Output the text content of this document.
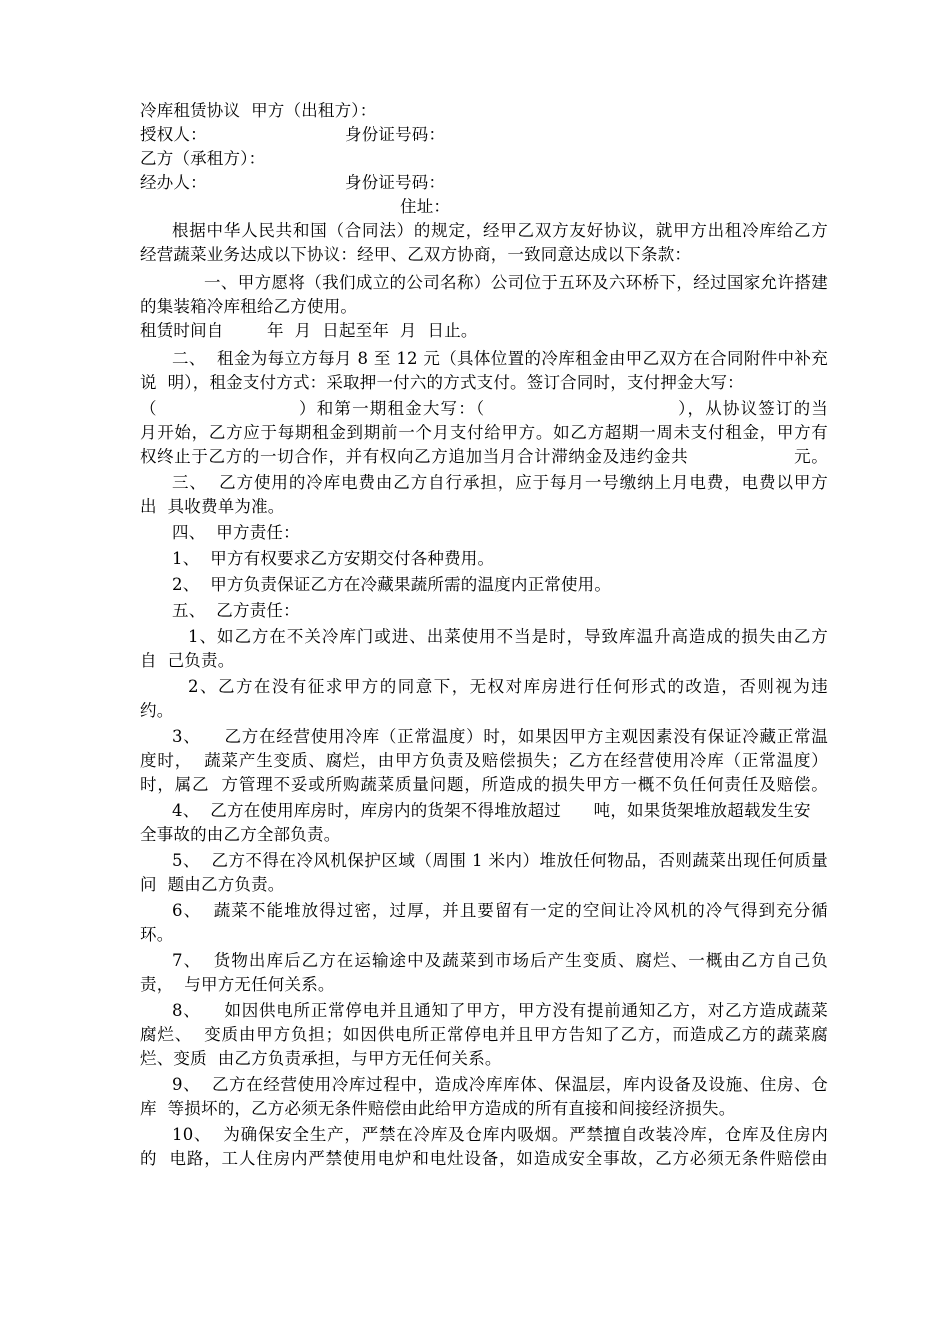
冷库租赁协议  甲方（出租方）：
授权人：	身份证号码：
乙方（承租方）：
经办人：	身份证号码：
住址：
根据中华人民共和国（合同法）的规定，经甲乙双方友好协议，就甲方出租冷库给乙方
经营蔬菜业务达成以下协议：经甲、乙双方协商，一致同意达成以下条款：
一、甲方愿将（我们成立的公司名称）公司位于五环及六环桥下，经过国家允许搭建
的集装箱冷库租给乙方使用。
租赁时间自        年  月  日起至年  月  日止。
二、  租金为每立方每月 8 至 12 元（具体位置的冷库租金由甲乙双方在合同附件中补充
说  明），租金支付方式：采取押一付六的方式支付。签订合同时，支付押金大写：
（                      ）和第一期租金大写：（                              ），从协议签订的当
月开始，乙方应于每期租金到期前一个月支付给甲方。如乙方超期一周未支付租金，甲方有
权终止于乙方的一切合作，并有权向乙方追加当月合计滞纳金及违约金共                  元。
三、  乙方使用的冷库电费由乙方自行承担，应于每月一号缴纳上月电费，电费以甲方
出  具收费单为准。
四、  甲方责任：
1、  甲方有权要求乙方安期交付各种费用。
2、  甲方负责保证乙方在冷藏果蔬所需的温度内正常使用。
五、  乙方责任：
1、如乙方在不关冷库门或进、出菜使用不当是时，导致库温升高造成的损失由乙方
自  己负责。
2、乙方在没有征求甲方的同意下，无权对库房进行任何形式的改造，否则视为违
约。
3、    乙方在经营使用冷库（正常温度）时，如果因甲方主观因素没有保证冷藏正常温
度时，  蔬菜产生变质、腐烂，由甲方负责及赔偿损失；乙方在经营使用冷库（正常温度）
时，属乙  方管理不妥或所购蔬菜质量问题，所造成的损失甲方一概不负任何责任及赔偿。
4、  乙方在使用库房时，库房内的货架不得堆放超过      吨，如果货架堆放超载发生安
全事故的由乙方全部负责。
5、  乙方不得在冷风机保护区域（周围 1 米内）堆放任何物品，否则蔬菜出现任何质量
问  题由乙方负责。
6、  蔬菜不能堆放得过密，过厚，并且要留有一定的空间让冷风机的冷气得到充分循
环。
7、  货物出库后乙方在运输途中及蔬菜到市场后产生变质、腐烂、一概由乙方自己负
责，  与甲方无任何关系。
8、    如因供电所正常停电并且通知了甲方，甲方没有提前通知乙方，对乙方造成蔬菜
腐烂、  变质由甲方负担；如因供电所正常停电并且甲方告知了乙方，而造成乙方的蔬菜腐
烂、变质  由乙方负责承担，与甲方无任何关系。
9、  乙方在经营使用冷库过程中，造成冷库库体、保温层，库内设备及设施、住房、仓
库  等损坏的，乙方必须无条件赔偿由此给甲方造成的所有直接和间接经济损失。
10、  为确保安全生产，严禁在冷库及仓库内吸烟。严禁擅自改装冷库，仓库及住房内
的  电路，工人住房内严禁使用电炉和电灶设备，如造成安全事故，乙方必须无条件赔偿由
